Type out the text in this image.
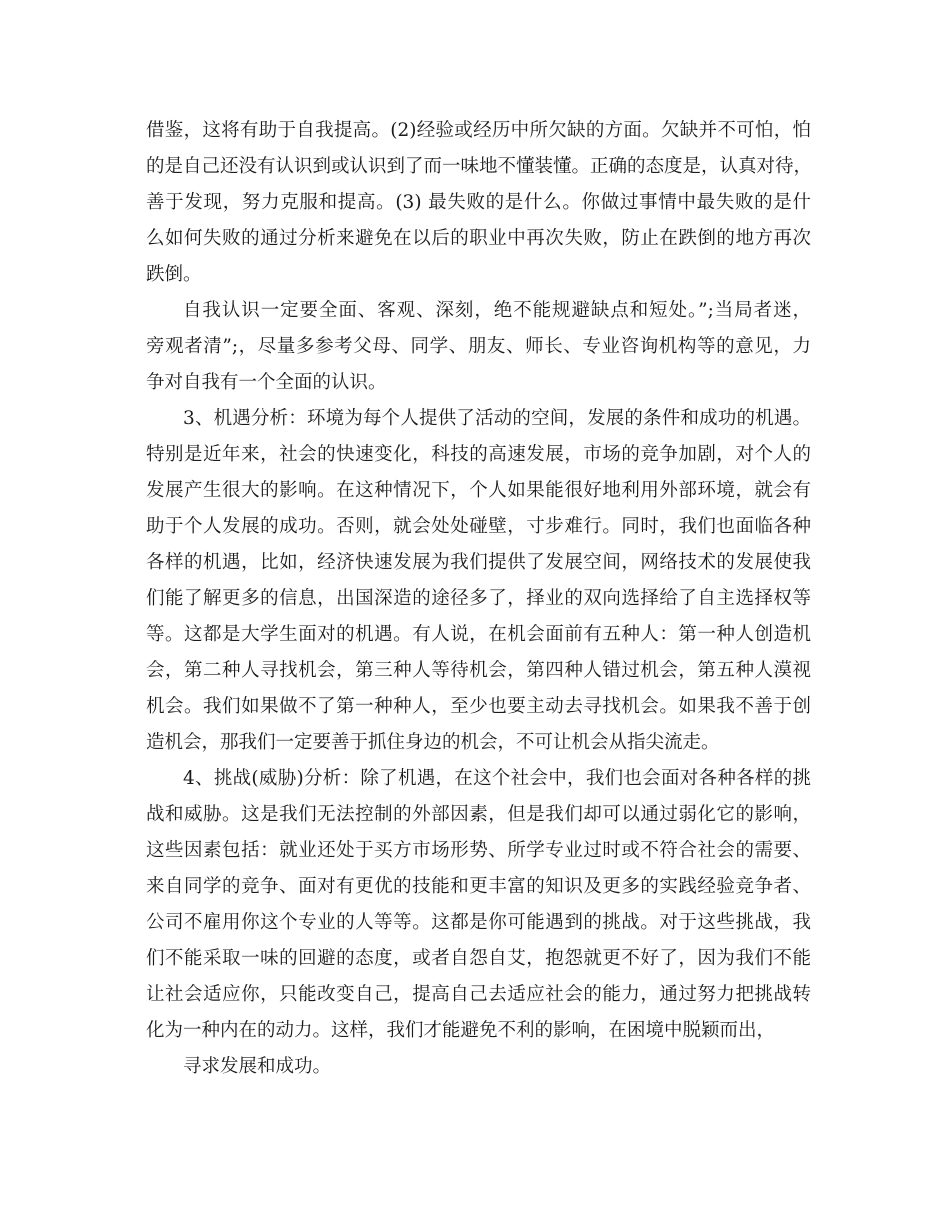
借鉴，这将有助于自我提高。(2)经验或经历中所欠缺的方面。欠缺并不可怕，怕
的是自己还没有认识到或认识到了而一味地不懂装懂。正确的态度是，认真对待，
善于发现，努力克服和提高。(3) 最失败的是什么。你做过事情中最失败的是什
么如何失败的通过分析来避免在以后的职业中再次失败，防止在跌倒的地方再次
跌倒。
自我认识一定要全面、客观、深刻，绝不能规避缺点和短处。”;当局者迷，
旁观者清”;，尽量多参考父母、同学、朋友、师长、专业咨询机构等的意见，力
争对自我有一个全面的认识。
3、机遇分析：环境为每个人提供了活动的空间，发展的条件和成功的机遇。
特别是近年来，社会的快速变化，科技的高速发展，市场的竞争加剧，对个人的
发展产生很大的影响。在这种情况下，个人如果能很好地利用外部环境，就会有
助于个人发展的成功。否则，就会处处碰壁，寸步难行。同时，我们也面临各种
各样的机遇，比如，经济快速发展为我们提供了发展空间，网络技术的发展使我
们能了解更多的信息，出国深造的途径多了，择业的双向选择给了自主选择权等
等。这都是大学生面对的机遇。有人说，在机会面前有五种人：第一种人创造机
会，第二种人寻找机会，第三种人等待机会，第四种人错过机会，第五种人漠视
机会。我们如果做不了第一种种人，至少也要主动去寻找机会。如果我不善于创
造机会，那我们一定要善于抓住身边的机会，不可让机会从指尖流走。
4、挑战(威胁)分析：除了机遇，在这个社会中，我们也会面对各种各样的挑
战和威胁。这是我们无法控制的外部因素，但是我们却可以通过弱化它的影响，
这些因素包括：就业还处于买方市场形势、所学专业过时或不符合社会的需要、
来自同学的竞争、面对有更优的技能和更丰富的知识及更多的实践经验竞争者、
公司不雇用你这个专业的人等等。这都是你可能遇到的挑战。对于这些挑战，我
们不能采取一味的回避的态度，或者自怨自艾，抱怨就更不好了，因为我们不能
让社会适应你，只能改变自己，提高自己去适应社会的能力，通过努力把挑战转
化为一种内在的动力。这样，我们才能避免不利的影响，在困境中脱颖而出，
寻求发展和成功。
